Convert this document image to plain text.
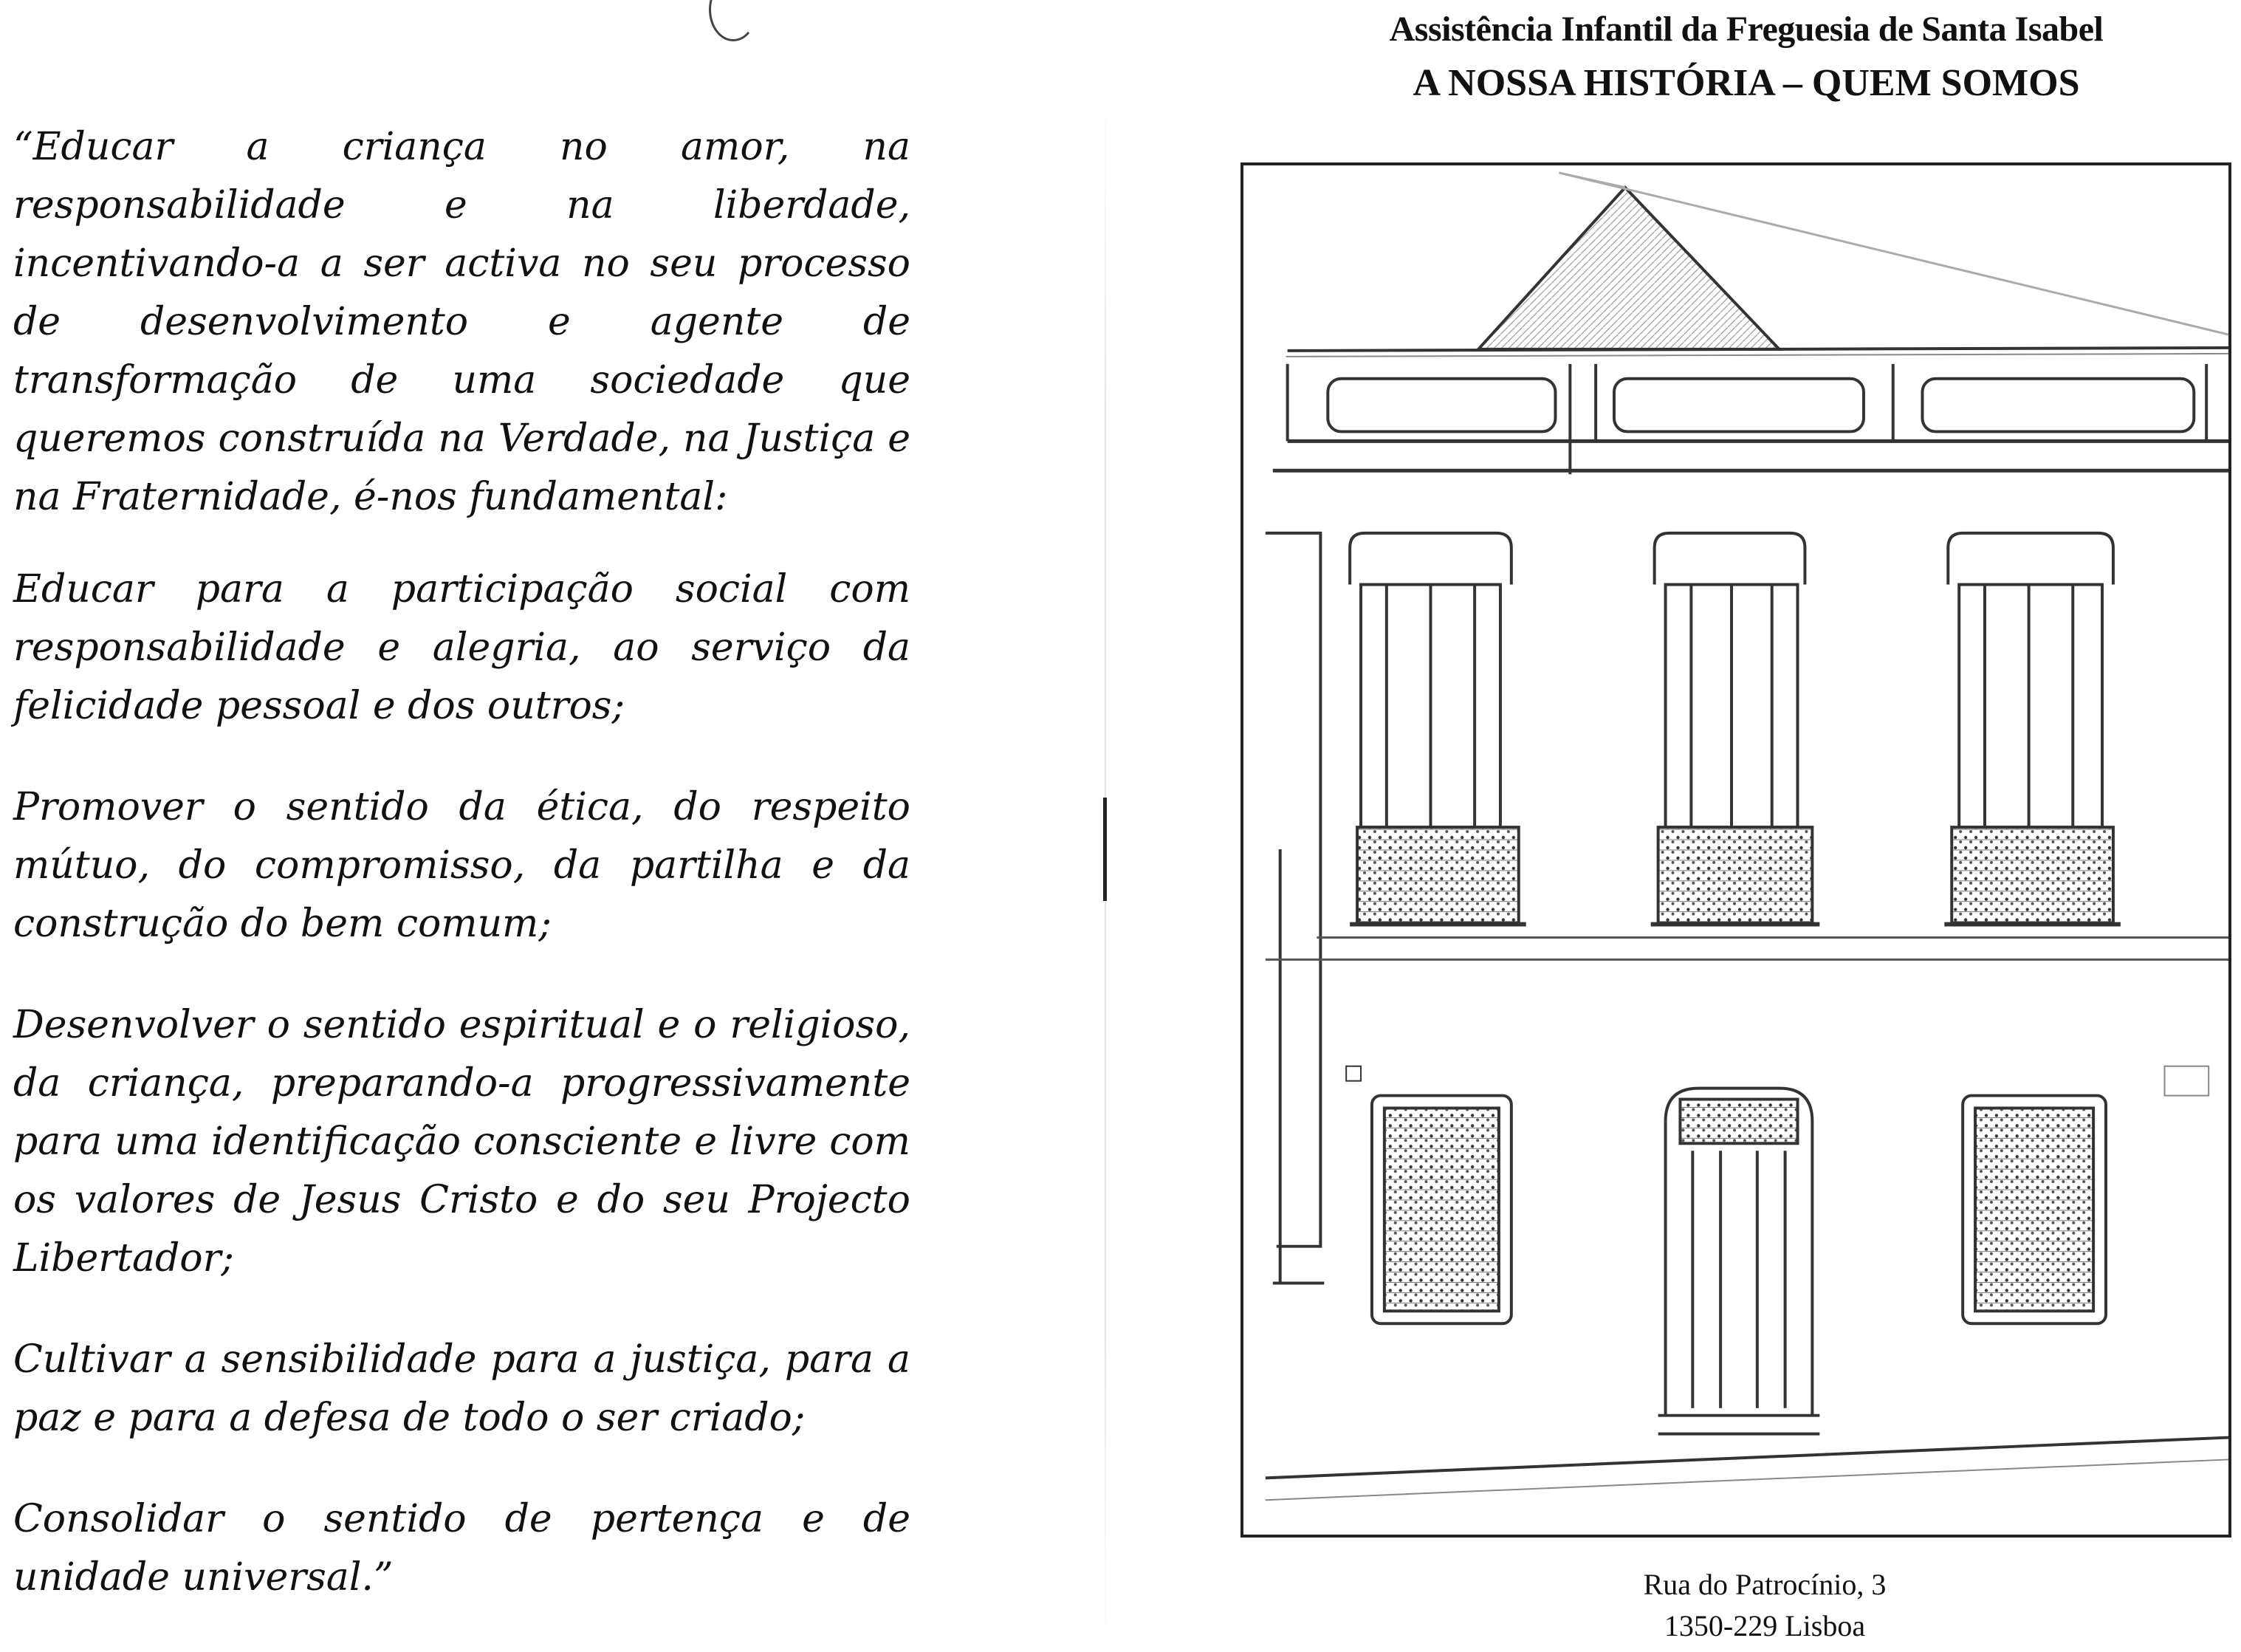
“Educar a criança no amor, na responsabilidade e na liberdade, incentivando-a a ser activa no seu processo de desenvolvimento e agente de transformação de uma sociedade que queremos construída na Verdade, na Justiça e na Fraternidade, é-nos fundamental:

Educar para a participação social com responsabilidade e alegria, ao serviço da felicidade pessoal e dos outros;

Promover o sentido da ética, do respeito mútuo, do compromisso, da partilha e da construção do bem comum;

Desenvolver o sentido espiritual e o religioso, da criança, preparando-a progressivamente para uma identificação consciente e livre com os valores de Jesus Cristo e do seu Projecto Libertador;

Cultivar a sensibilidade para a justiça, para a paz e para a defesa de todo o ser criado;

Consolidar o sentido de pertença e de unidade universal.”

Assistência Infantil da Freguesia de Santa Isabel
A NOSSA HISTÓRIA – QUEM SOMOS
Rua do Patrocínio, 3
1350-229 Lisboa
